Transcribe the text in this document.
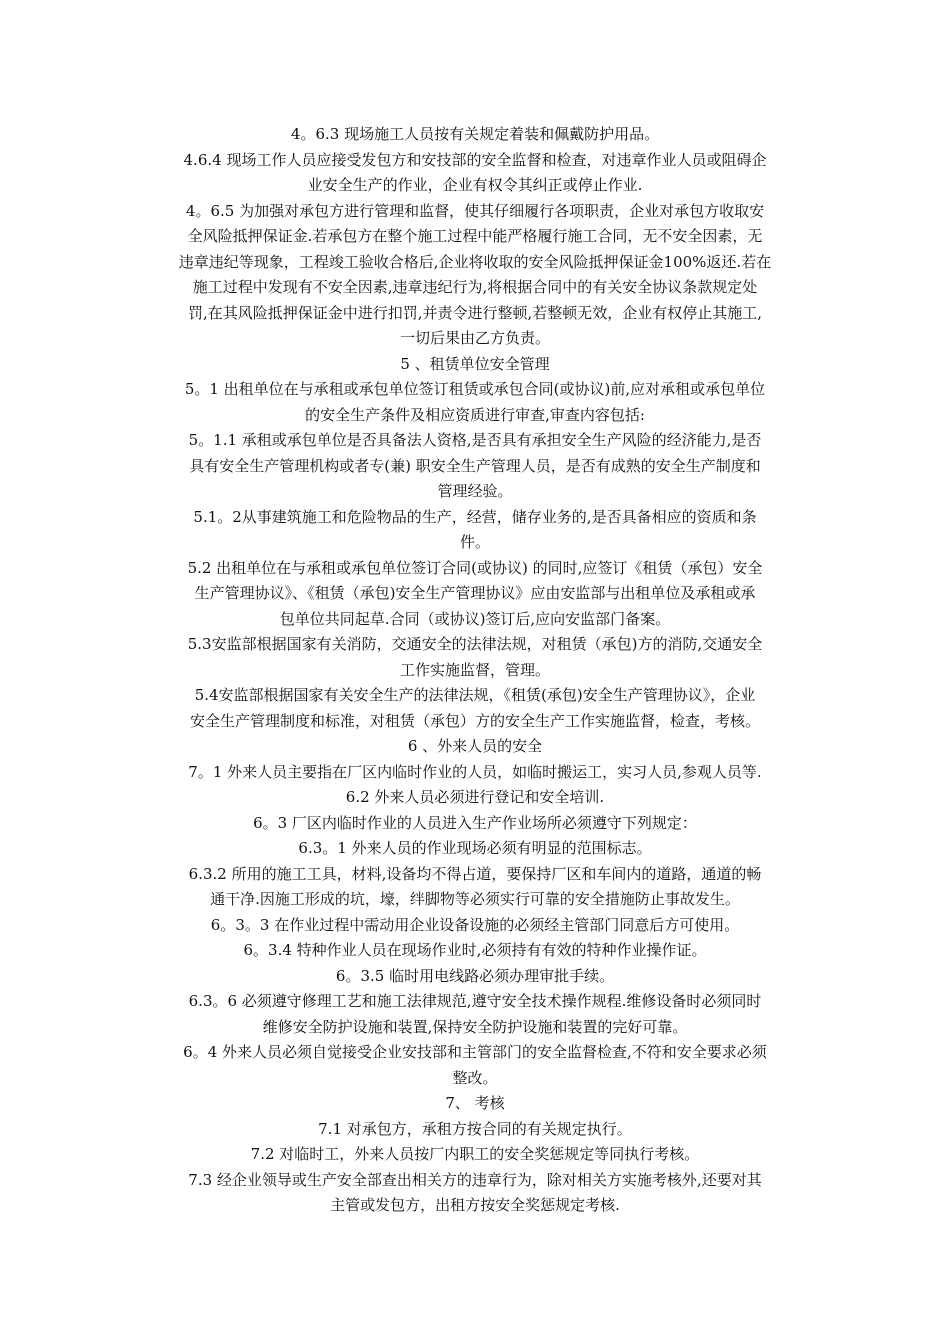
4。6.3 现场施工人员按有关规定着装和佩戴防护用品。
4.6.4 现场工作人员应接受发包方和安技部的安全监督和检查，对违章作业人员或阻碍企
业安全生产的作业，企业有权令其纠正或停止作业.
4。6.5 为加强对承包方进行管理和监督，使其仔细履行各项职责，企业对承包方收取安
全风险抵押保证金.若承包方在整个施工过程中能严格履行施工合同，无不安全因素，无
违章违纪等现象，工程竣工验收合格后,企业将收取的安全风险抵押保证金100%返还.若在
施工过程中发现有不安全因素,违章违纪行为,将根据合同中的有关安全协议条款规定处
罚,在其风险抵押保证金中进行扣罚,并责令进行整顿,若整顿无效，企业有权停止其施工,
一切后果由乙方负责。
5 、租赁单位安全管理
5。1 出租单位在与承租或承包单位签订租赁或承包合同(或协议)前,应对承租或承包单位
的安全生产条件及相应资质进行审查,审查内容包括:
5。1.1 承租或承包单位是否具备法人资格,是否具有承担安全生产风险的经济能力,是否
具有安全生产管理机构或者专(兼) 职安全生产管理人员，是否有成熟的安全生产制度和
管理经验。
5.1。2从事建筑施工和危险物品的生产，经营，储存业务的,是否具备相应的资质和条
件。
5.2 出租单位在与承租或承包单位签订合同(或协议) 的同时,应签订《租赁（承包）安全
生产管理协议》、《租赁（承包)安全生产管理协议》应由安监部与出租单位及承租或承
包单位共同起草.合同（或协议)签订后,应向安监部门备案。
5.3安监部根据国家有关消防，交通安全的法律法规，对租赁（承包)方的消防,交通安全
工作实施监督，管理。
5.4安监部根据国家有关安全生产的法律法规，《租赁(承包)安全生产管理协议》，企业
安全生产管理制度和标准，对租赁（承包）方的安全生产工作实施监督，检查，考核。
6 、外来人员的安全
7。1 外来人员主要指在厂区内临时作业的人员，如临时搬运工，实习人员,参观人员等.
6.2 外来人员必须进行登记和安全培训.
6。3 厂区内临时作业的人员进入生产作业场所必须遵守下列规定：
6.3。1 外来人员的作业现场必须有明显的范围标志。
6.3.2 所用的施工工具，材料,设备均不得占道，要保持厂区和车间内的道路，通道的畅
通干净.因施工形成的坑，壕，绊脚物等必须实行可靠的安全措施防止事故发生。
6。3。3 在作业过程中需动用企业设备设施的必须经主管部门同意后方可使用。
6。3.4 特种作业人员在现场作业时,必须持有有效的特种作业操作证。
6。3.5 临时用电线路必须办理审批手续。
6.3。6 必须遵守修理工艺和施工法律规范,遵守安全技术操作规程.维修设备时必须同时
维修安全防护设施和装置,保持安全防护设施和装置的完好可靠。
6。4 外来人员必须自觉接受企业安技部和主管部门的安全监督检查,不符和安全要求必须
整改。
7、 考核
7.1 对承包方，承租方按合同的有关规定执行。
7.2 对临时工，外来人员按厂内职工的安全奖惩规定等同执行考核。
7.3 经企业领导或生产安全部查出相关方的违章行为，除对相关方实施考核外,还要对其
主管或发包方，出租方按安全奖惩规定考核.
